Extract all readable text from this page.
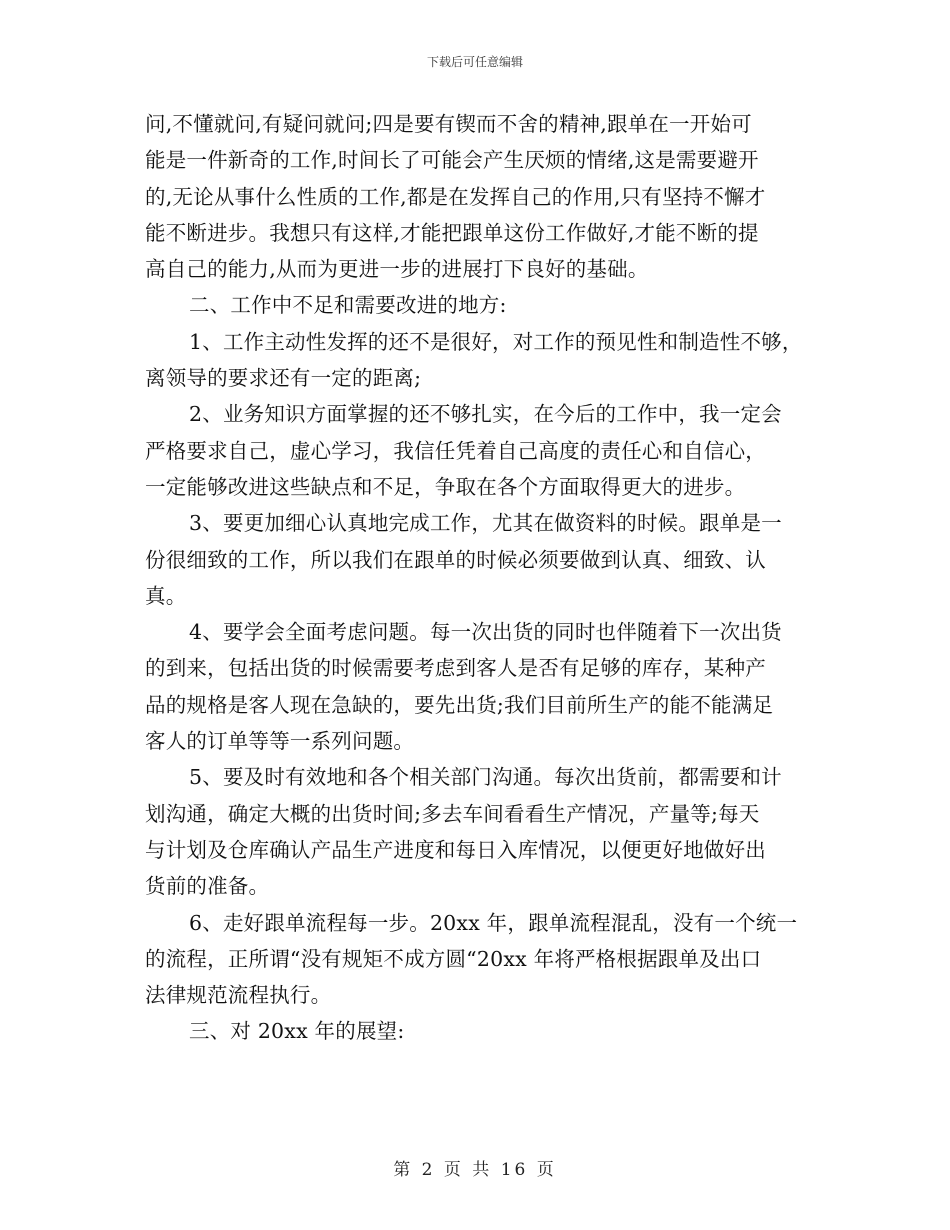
下载后可任意编辑
问,不懂就问,有疑问就问;四是要有锲而不舍的精神,跟单在一开始可
能是一件新奇的工作,时间长了可能会产生厌烦的情绪,这是需要避开
的,无论从事什么性质的工作,都是在发挥自己的作用,只有坚持不懈才
能不断进步。我想只有这样,才能把跟单这份工作做好,才能不断的提
高自己的能力,从而为更进一步的进展打下良好的基础。
二、工作中不足和需要改进的地方:
1、工作主动性发挥的还不是很好，对工作的预见性和制造性不够，
离领导的要求还有一定的距离;
2、业务知识方面掌握的还不够扎实，在今后的工作中，我一定会
严格要求自己，虚心学习，我信任凭着自己高度的责任心和自信心，
一定能够改进这些缺点和不足，争取在各个方面取得更大的进步。
3、要更加细心认真地完成工作，尤其在做资料的时候。跟单是一
份很细致的工作，所以我们在跟单的时候必须要做到认真、细致、认
真。
4、要学会全面考虑问题。每一次出货的同时也伴随着下一次出货
的到来，包括出货的时候需要考虑到客人是否有足够的库存，某种产
品的规格是客人现在急缺的，要先出货;我们目前所生产的能不能满足
客人的订单等等一系列问题。
5、要及时有效地和各个相关部门沟通。每次出货前，都需要和计
划沟通，确定大概的出货时间;多去车间看看生产情况，产量等;每天
与计划及仓库确认产品生产进度和每日入库情况，以便更好地做好出
货前的准备。
6、走好跟单流程每一步。20xx 年，跟单流程混乱，没有一个统一
的流程，正所谓“没有规矩不成方圆“20xx 年将严格根据跟单及出口
法律规范流程执行。
三、对 20xx 年的展望:
第 2 页 共 16 页
